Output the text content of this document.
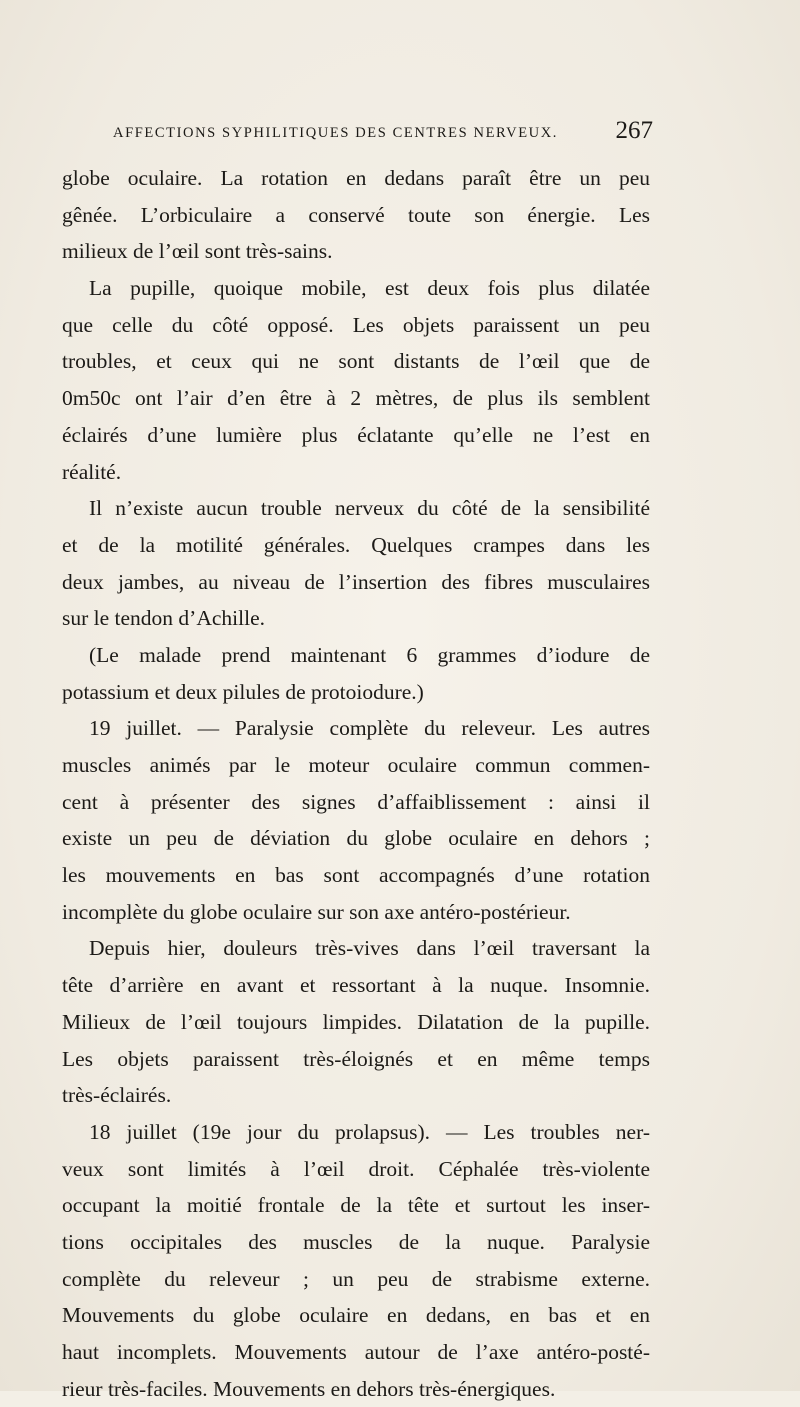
AFFECTIONS SYPHILITIQUES DES CENTRES NERVEUX. 267
globe oculaire. La rotation en dedans paraît être un peu
gênée. L’orbiculaire a conservé toute son énergie. Les
milieux de l’œil sont très-sains.
La pupille, quoique mobile, est deux fois plus dilatée
que celle du côté opposé. Les objets paraissent un peu
troubles, et ceux qui ne sont distants de l’œil que de
0m50c ont l’air d’en être à 2 mètres, de plus ils semblent
éclairés d’une lumière plus éclatante qu’elle ne l’est en
réalité.
Il n’existe aucun trouble nerveux du côté de la sensibilité
et de la motilité générales. Quelques crampes dans les
deux jambes, au niveau de l’insertion des fibres musculaires
sur le tendon d’Achille.
(Le malade prend maintenant 6 grammes d’iodure de
potassium et deux pilules de protoiodure.)
19 juillet. — Paralysie complète du releveur. Les autres
muscles animés par le moteur oculaire commun commen-
cent à présenter des signes d’affaiblissement : ainsi il
existe un peu de déviation du globe oculaire en dehors ;
les mouvements en bas sont accompagnés d’une rotation
incomplète du globe oculaire sur son axe antéro-postérieur.
Depuis hier, douleurs très-vives dans l’œil traversant la
tête d’arrière en avant et ressortant à la nuque. Insomnie.
Milieux de l’œil toujours limpides. Dilatation de la pupille.
Les objets paraissent très-éloignés et en même temps
très-éclairés.
18 juillet (19e jour du prolapsus). — Les troubles ner-
veux sont limités à l’œil droit. Céphalée très-violente
occupant la moitié frontale de la tête et surtout les inser-
tions occipitales des muscles de la nuque. Paralysie
complète du releveur ; un peu de strabisme externe.
Mouvements du globe oculaire en dedans, en bas et en
haut incomplets. Mouvements autour de l’axe antéro-posté-
rieur très-faciles. Mouvements en dehors très-énergiques.
